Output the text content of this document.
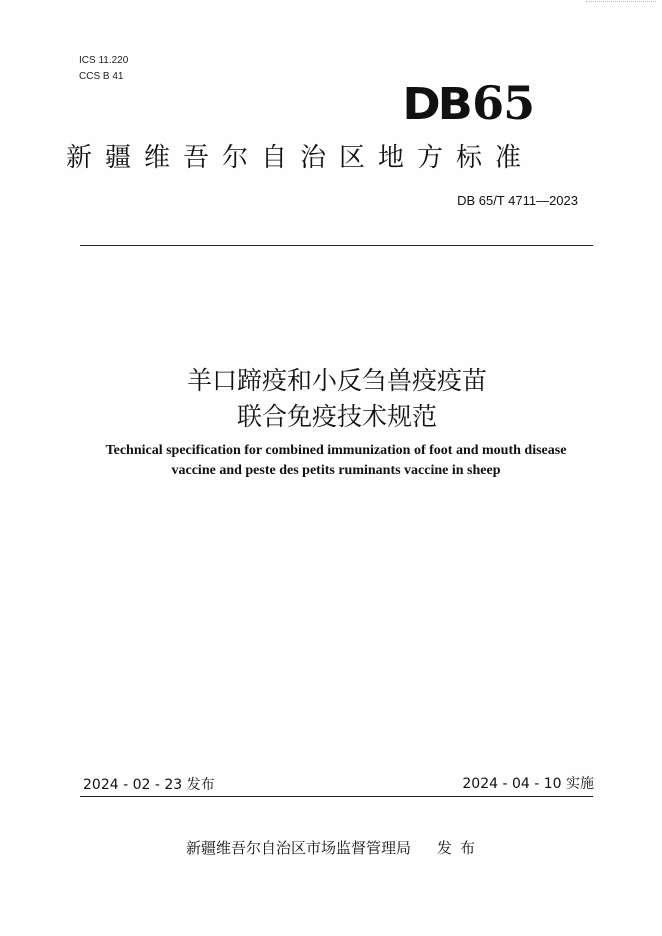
ICS 11.220
CCS B 41
DB65
新疆维吾尔自治区地方标准
DB 65/T 4711—2023
羊口蹄疫和小反刍兽疫疫苗
联合免疫技术规范
Technical specification for combined immunization of foot and mouth disease
vaccine and peste des petits ruminants vaccine in sheep
2024 - 02 - 23 发布	2024 - 04 - 10 实施
新疆维吾尔自治区市场监督管理局 发布
